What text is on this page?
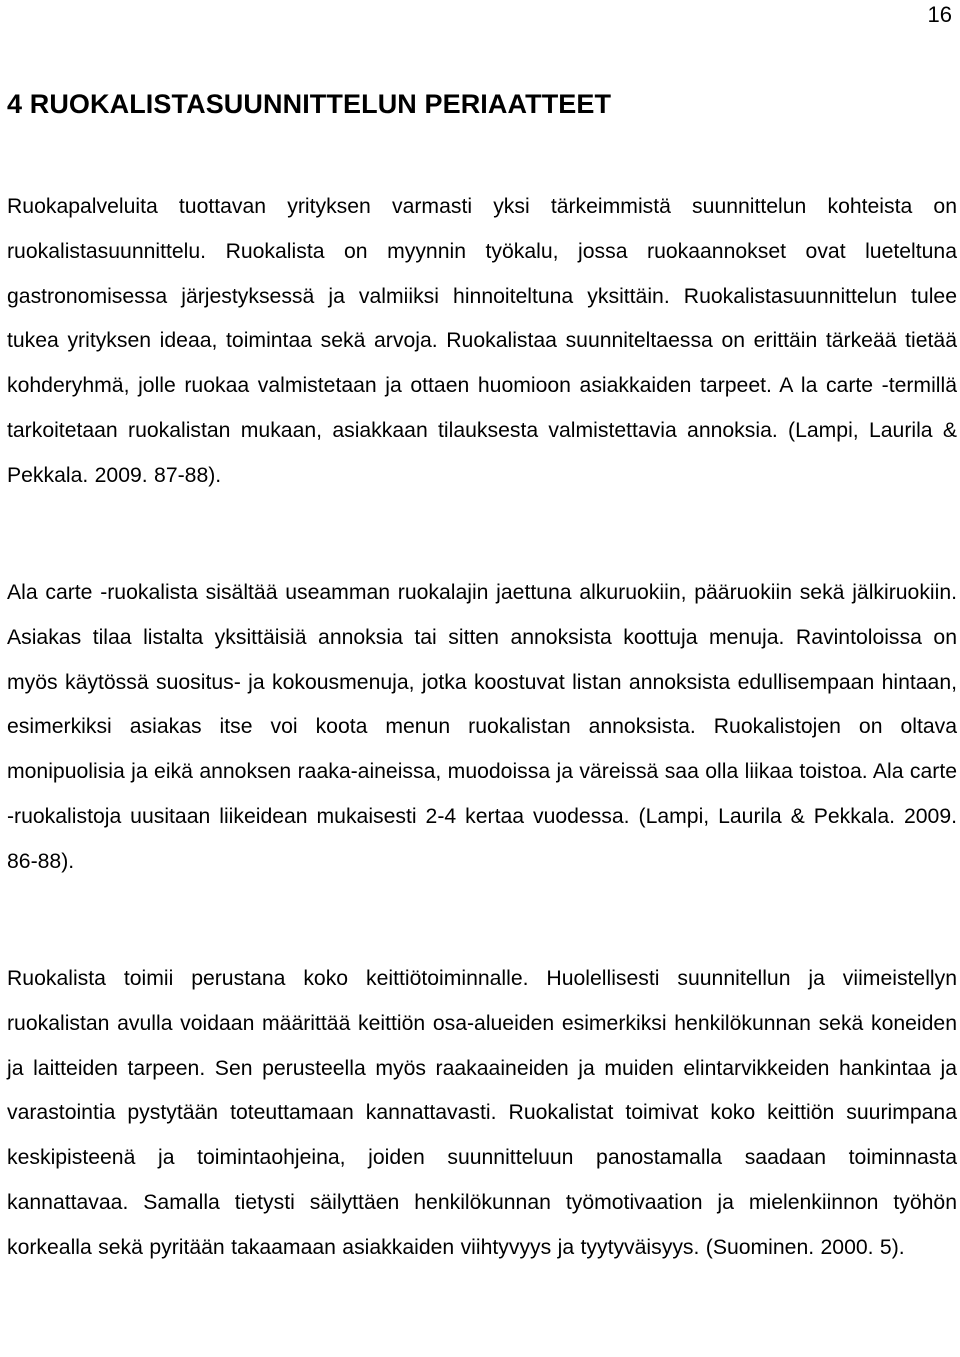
16
4 RUOKALISTASUUNNITTELUN PERIAATTEET

Ruokapalveluita tuottavan yrityksen varmasti yksi tärkeimmistä suunnittelun kohteista on ruokalistasuunnittelu. Ruokalista on myynnin työkalu, jossa ruokaannokset ovat lueteltuna gastronomisessa järjestyksessä ja valmiiksi hinnoiteltuna yksittäin. Ruokalistasuunnittelun tulee tukea yrityksen ideaa, toimintaa sekä arvoja. Ruokalistaa suunniteltaessa on erittäin tärkeää tietää kohderyhmä, jolle ruokaa valmistetaan ja ottaen huomioon asiakkaiden tarpeet. A la carte -termillä tarkoitetaan ruokalistan mukaan, asiakkaan tilauksesta valmistettavia annoksia. (Lampi, Laurila & Pekkala. 2009. 87-88).

Ala carte -ruokalista sisältää useamman ruokalajin jaettuna alkuruokiin, pääruokiin sekä jälkiruokiin. Asiakas tilaa listalta yksittäisiä annoksia tai sitten annoksista koottuja menuja. Ravintoloissa on myös käytössä suositus- ja kokousmenuja, jotka koostuvat listan annoksista edullisempaan hintaan, esimerkiksi asiakas itse voi koota menun ruokalistan annoksista. Ruokalistojen on oltava monipuolisia ja eikä annoksen raaka-aineissa, muodoissa ja väreissä saa olla liikaa toistoa. Ala carte -ruokalistoja uusitaan liikeidean mukaisesti 2-4 kertaa vuodessa. (Lampi, Laurila & Pekkala. 2009. 86-88).

Ruokalista toimii perustana koko keittiötoiminnalle. Huolellisesti suunnitellun ja viimeistellyn ruokalistan avulla voidaan määrittää keittiön osa-alueiden esimerkiksi henkilökunnan sekä koneiden ja laitteiden tarpeen. Sen perusteella myös raakaaineiden ja muiden elintarvikkeiden hankintaa ja varastointia pystytään toteuttamaan kannattavasti. Ruokalistat toimivat koko keittiön suurimpana keskipisteenä ja toimintaohjeina, joiden suunnitteluun panostamalla saadaan toiminnasta kannattavaa. Samalla tietysti säilyttäen henkilökunnan työmotivaation ja mielenkiinnon työhön korkealla sekä pyritään takaamaan asiakkaiden viihtyvyys ja tyytyväisyys. (Suominen. 2000. 5).
